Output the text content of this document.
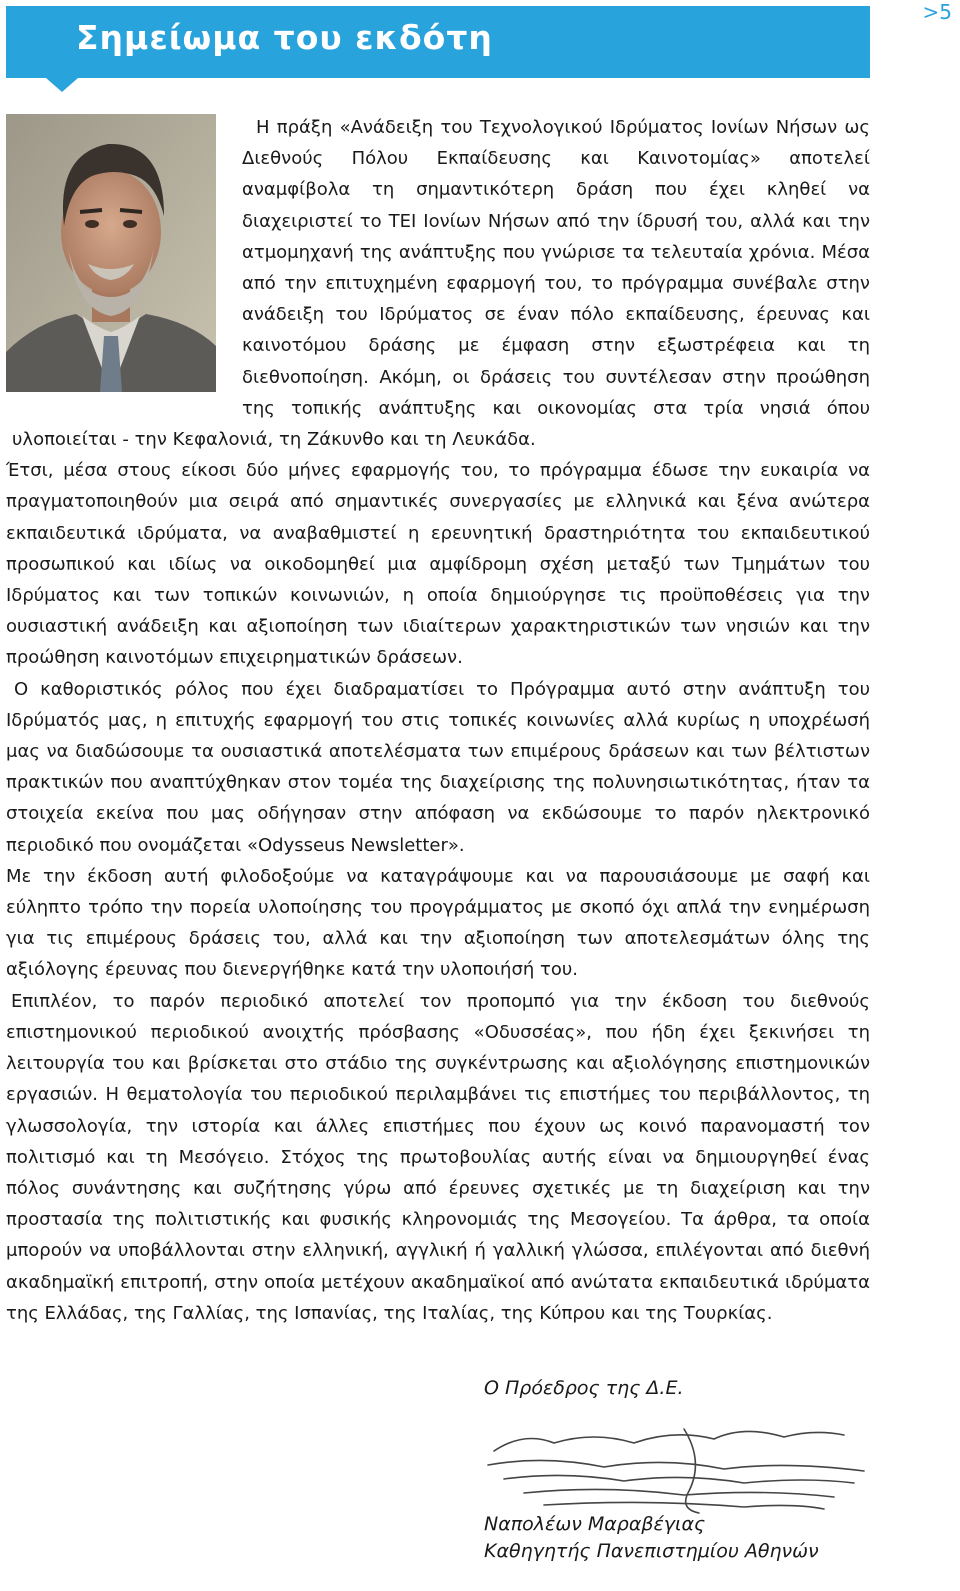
>5
Σημείωμα του εκδότη

Η πράξη «Ανάδειξη του Τεχνολογικού Ιδρύματος Ιονίων Νήσων ως Διεθνούς Πόλου Εκπαίδευσης και Καινοτομίας» αποτελεί αναμφίβολα τη σημαντικότερη δράση που έχει κληθεί να διαχειριστεί το ΤΕΙ Ιονίων Νήσων από την ίδρυσή του, αλλά και την ατμομηχανή της ανάπτυξης που γνώρισε τα τελευταία χρόνια. Μέσα από την επιτυχημένη εφαρμογή του, το πρόγραμμα συνέβαλε στην ανάδειξη του Ιδρύματος σε έναν πόλο εκπαίδευσης, έρευνας και καινοτόμου δράσης με έμφαση στην εξωστρέφεια και τη διεθνοποίηση. Ακόμη, οι δράσεις του συντέλεσαν στην προώθηση της τοπικής ανάπτυξης και οικονομίας στα τρία νησιά όπου υλοποιείται - την Κεφαλονιά, τη Ζάκυνθο και τη Λευκάδα.

Έτσι, μέσα στους είκοσι δύο μήνες εφαρμογής του, το πρόγραμμα έδωσε την ευκαιρία να πραγματοποιηθούν μια σειρά από σημαντικές συνεργασίες με ελληνικά και ξένα ανώτερα εκπαιδευτικά ιδρύματα, να αναβαθμιστεί η ερευνητική δραστηριότητα του εκπαιδευτικού προσωπικού και ιδίως να οικοδομηθεί μια αμφίδρομη σχέση μεταξύ των Τμημάτων του Ιδρύματος και των τοπικών κοινωνιών, η οποία δημιούργησε τις προϋποθέσεις για την ουσιαστική ανάδειξη και αξιοποίηση των ιδιαίτερων χαρακτηριστικών των νησιών και την προώθηση καινοτόμων επιχειρηματικών δράσεων.

Ο καθοριστικός ρόλος που έχει διαδραματίσει το Πρόγραμμα αυτό στην ανάπτυξη του Ιδρύματός μας, η επιτυχής εφαρμογή του στις τοπικές κοινωνίες αλλά κυρίως η υποχρέωσή μας να διαδώσουμε τα ουσιαστικά αποτελέσματα των επιμέρους δράσεων και των βέλτιστων πρακτικών που αναπτύχθηκαν στον τομέα της διαχείρισης της πολυνησιωτικότητας, ήταν τα στοιχεία εκείνα που μας οδήγησαν στην απόφαση να εκδώσουμε το παρόν ηλεκτρονικό περιοδικό που ονομάζεται «Odysseus Newsletter».

Με την έκδοση αυτή φιλοδοξούμε να καταγράψουμε και να παρουσιάσουμε με σαφή και εύληπτο τρόπο την πορεία υλοποίησης του προγράμματος με σκοπό όχι απλά την ενημέρωση για τις επιμέρους δράσεις του, αλλά και την αξιοποίηση των αποτελεσμάτων όλης της αξιόλογης έρευνας που διενεργήθηκε κατά την υλοποιήσή του.

Επιπλέον, το παρόν περιοδικό αποτελεί τον προπομπό για την έκδοση του διεθνούς επιστημονικού περιοδικού ανοιχτής πρόσβασης «Οδυσσέας», που ήδη έχει ξεκινήσει τη λειτουργία του και βρίσκεται στο στάδιο της συγκέντρωσης και αξιολόγησης επιστημονικών εργασιών. Η θεματολογία του περιοδικού περιλαμβάνει τις επιστήμες του περιβάλλοντος, τη γλωσσολογία, την ιστορία και άλλες επιστήμες που έχουν ως κοινό παρανομαστή τον πολιτισμό και τη Μεσόγειο. Στόχος της πρωτοβουλίας αυτής είναι να δημιουργηθεί ένας πόλος συνάντησης και συζήτησης γύρω από έρευνες σχετικές με τη διαχείριση και την προστασία της πολιτιστικής και φυσικής κληρονομιάς της Μεσογείου. Τα άρθρα, τα οποία μπορούν να υποβάλλονται στην ελληνική, αγγλική ή γαλλική γλώσσα, επιλέγονται από διεθνή ακαδημαϊκή επιτροπή, στην οποία μετέχουν ακαδημαϊκοί από ανώτατα εκπαιδευτικά ιδρύματα της Ελλάδας, της Γαλλίας, της Ισπανίας, της Ιταλίας, της Κύπρου και της Τουρκίας.

Ο Πρόεδρος της Δ.Ε.
Ναπολέων Μαραβέγιας
Καθηγητής Πανεπιστημίου Αθηνών
